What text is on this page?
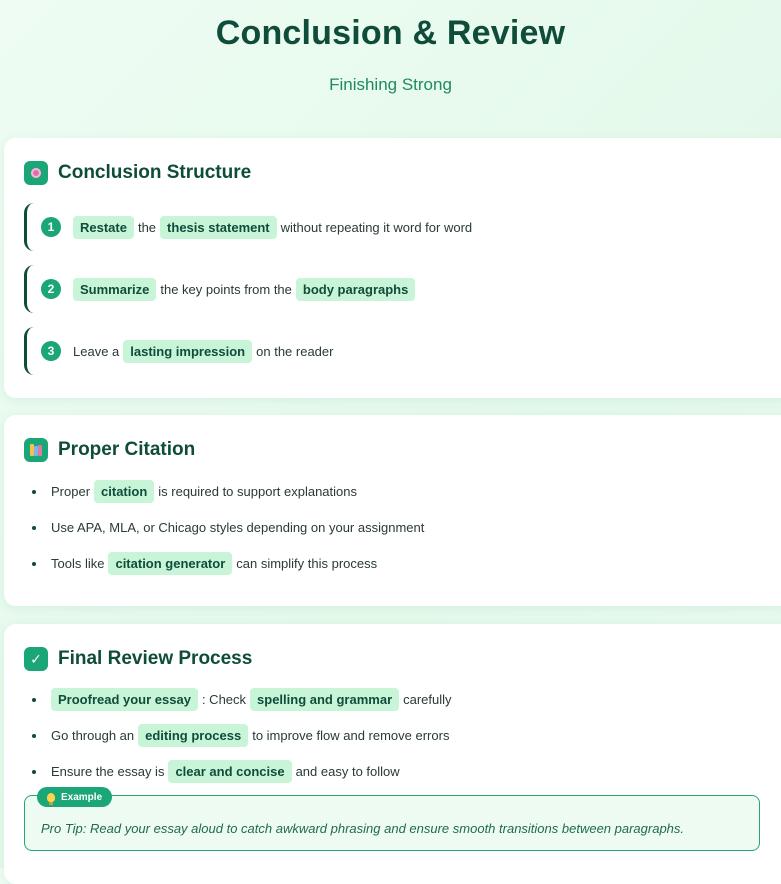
Conclusion & Review
Finishing Strong
Conclusion Structure
1	Restate the thesis statement without repeating it word for word
2	Summarize the key points from the body paragraphs
3	Leave a lasting impression on the reader
Proper Citation
Proper citation is required to support explanations
Use APA, MLA, or Chicago styles depending on your assignment
Tools like citation generator can simplify this process
✓ Final Review Process
Proofread your essay : Check spelling and grammar carefully
Go through an editing process to improve flow and remove errors
Ensure the essay is clear and concise and easy to follow
Example
Pro Tip: Read your essay aloud to catch awkward phrasing and ensure smooth transitions between paragraphs.
